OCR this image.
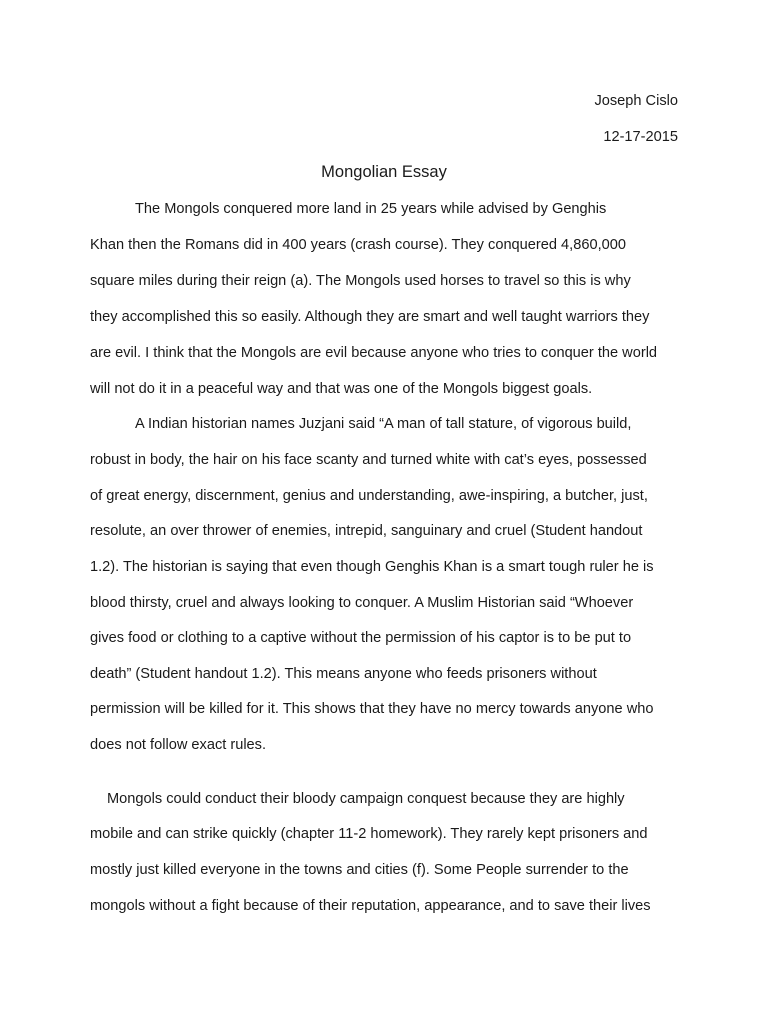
Joseph Cislo
12-17-2015
Mongolian Essay
The Mongols conquered more land in 25 years while advised by Genghis
Khan then the Romans did in 400 years (crash course). They conquered 4,860,000
square miles during their reign (a). The Mongols used horses to travel so this is why
they accomplished this so easily. Although they are smart and well taught warriors they
are evil. I think that the Mongols are evil because anyone who tries to conquer the world
will not do it in a peaceful way and that was one of the Mongols biggest goals.
A Indian historian names Juzjani said “A man of tall stature, of vigorous build,
robust in body, the hair on his face scanty and turned white with cat’s eyes, possessed
of great energy, discernment, genius and understanding, awe-inspiring, a butcher, just,
resolute, an over thrower of enemies, intrepid, sanguinary and cruel (Student handout
1.2). The historian is saying that even though Genghis Khan is a smart tough ruler he is
blood thirsty, cruel and always looking to conquer. A Muslim Historian said “Whoever
gives food or clothing to a captive without the permission of his captor is to be put to
death” (Student handout 1.2). This means anyone who feeds prisoners without
permission will be killed for it. This shows that they have no mercy towards anyone who
does not follow exact rules.
Mongols could conduct their bloody campaign conquest because they are highly
mobile and can strike quickly (chapter 11-2 homework). They rarely kept prisoners and
mostly just killed everyone in the towns and cities (f). Some People surrender to the
mongols without a fight because of their reputation, appearance, and to save their lives
